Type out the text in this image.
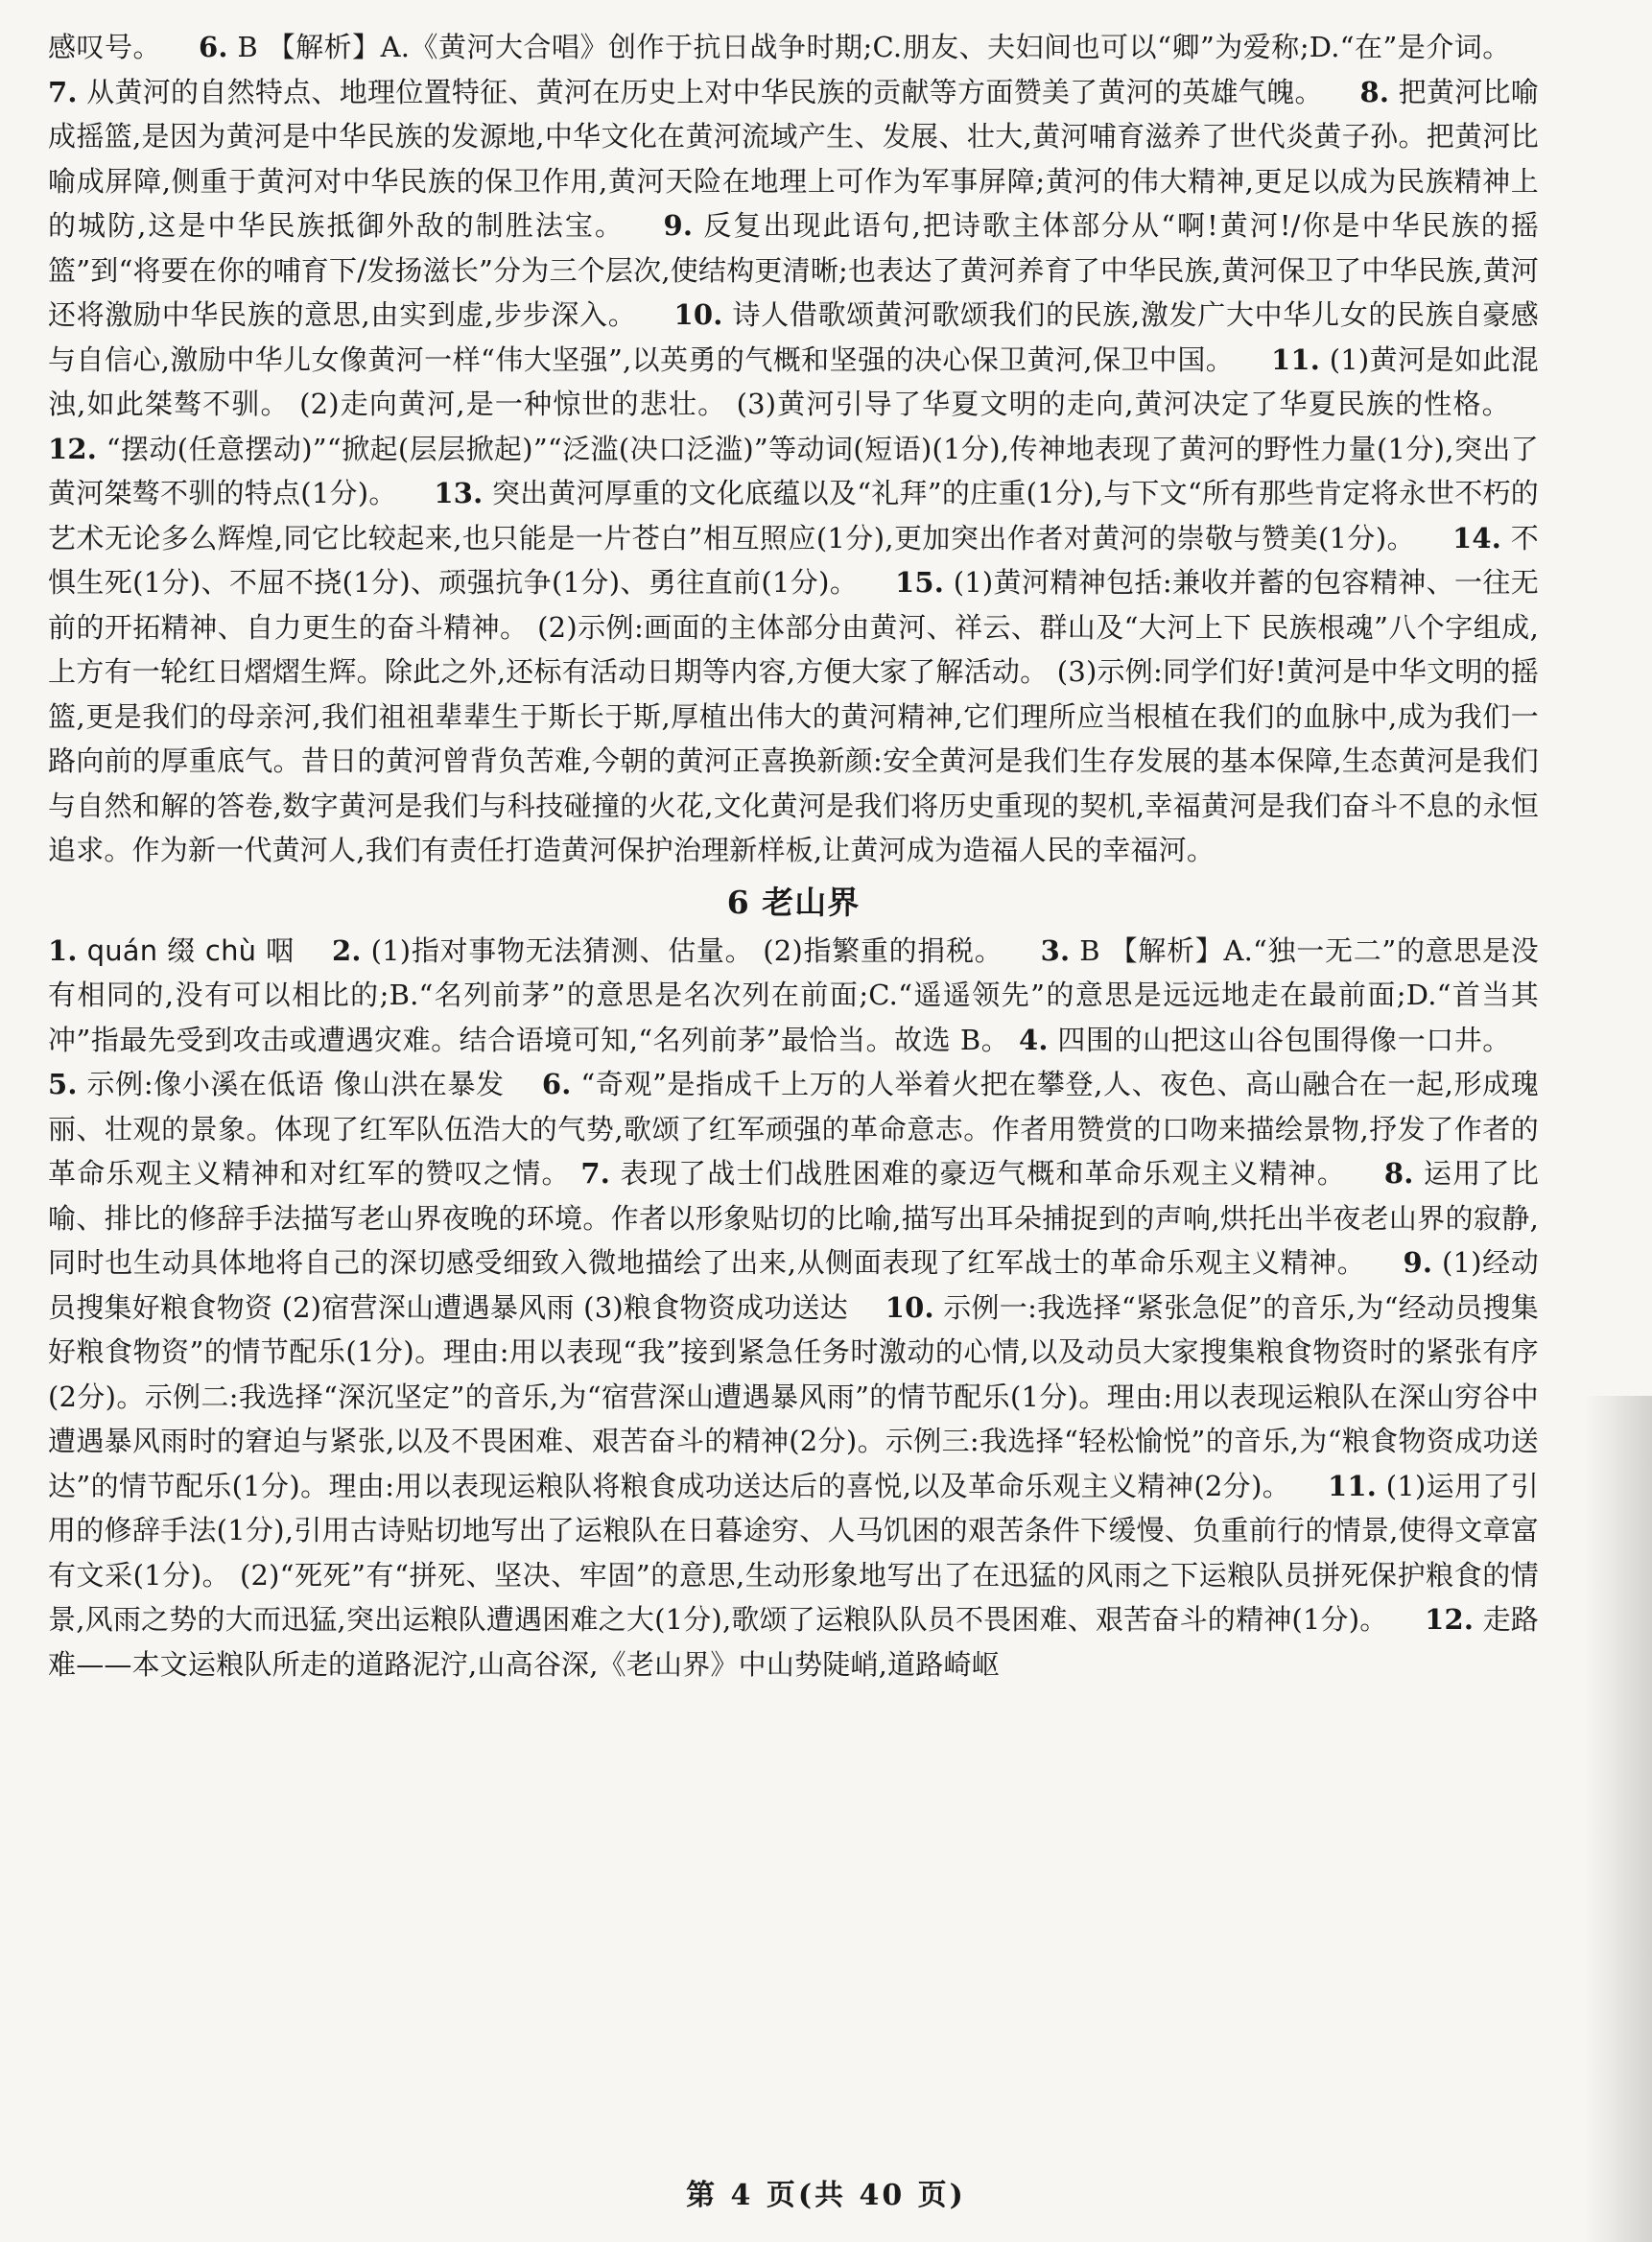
感叹号。  6. B 【解析】A.《黄河大合唱》创作于抗日战争时期;C.朋友、夫妇间也可以“卿”为爱称;D.“在”是介词。  7. 从黄河的自然特点、地理位置特征、黄河在历史上对中华民族的贡献等方面赞美了黄河的英雄气魄。  8. 把黄河比喻成摇篮,是因为黄河是中华民族的发源地,中华文化在黄河流域产生、发展、壮大,黄河哺育滋养了世代炎黄子孙。把黄河比喻成屏障,侧重于黄河对中华民族的保卫作用,黄河天险在地理上可作为军事屏障;黄河的伟大精神,更足以成为民族精神上的城防,这是中华民族抵御外敌的制胜法宝。  9. 反复出现此语句,把诗歌主体部分从“啊!黄河!/你是中华民族的摇篮”到“将要在你的哺育下/发扬滋长”分为三个层次,使结构更清晰;也表达了黄河养育了中华民族,黄河保卫了中华民族,黄河还将激励中华民族的意思,由实到虚,步步深入。  10. 诗人借歌颂黄河歌颂我们的民族,激发广大中华儿女的民族自豪感与自信心,激励中华儿女像黄河一样“伟大坚强”,以英勇的气概和坚强的决心保卫黄河,保卫中国。  11. (1)黄河是如此混浊,如此桀骜不驯。 (2)走向黄河,是一种惊世的悲壮。 (3)黄河引导了华夏文明的走向,黄河决定了华夏民族的性格。  12. “摆动(任意摆动)”“掀起(层层掀起)”“泛滥(决口泛滥)”等动词(短语)(1分),传神地表现了黄河的野性力量(1分),突出了黄河桀骜不驯的特点(1分)。  13. 突出黄河厚重的文化底蕴以及“礼拜”的庄重(1分),与下文“所有那些肯定将永世不朽的艺术无论多么辉煌,同它比较起来,也只能是一片苍白”相互照应(1分),更加突出作者对黄河的崇敬与赞美(1分)。  14. 不惧生死(1分)、不屈不挠(1分)、顽强抗争(1分)、勇往直前(1分)。  15. (1)黄河精神包括:兼收并蓄的包容精神、一往无前的开拓精神、自力更生的奋斗精神。 (2)示例:画面的主体部分由黄河、祥云、群山及“大河上下 民族根魂”八个字组成,上方有一轮红日熠熠生辉。除此之外,还标有活动日期等内容,方便大家了解活动。 (3)示例:同学们好!黄河是中华文明的摇篮,更是我们的母亲河,我们祖祖辈辈生于斯长于斯,厚植出伟大的黄河精神,它们理所应当根植在我们的血脉中,成为我们一路向前的厚重底气。昔日的黄河曾背负苦难,今朝的黄河正喜换新颜:安全黄河是我们生存发展的基本保障,生态黄河是我们与自然和解的答卷,数字黄河是我们与科技碰撞的火花,文化黄河是我们将历史重现的契机,幸福黄河是我们奋斗不息的永恒追求。作为新一代黄河人,我们有责任打造黄河保护治理新样板,让黄河成为造福人民的幸福河。

6 老山界

1. quán 缀 chù 咽  2. (1)指对事物无法猜测、估量。 (2)指繁重的捐税。  3. B 【解析】A.“独一无二”的意思是没有相同的,没有可以相比的;B.“名列前茅”的意思是名次列在前面;C.“遥遥领先”的意思是远远地走在最前面;D.“首当其冲”指最先受到攻击或遭遇灾难。结合语境可知,“名列前茅”最恰当。故选 B。 4. 四围的山把这山谷包围得像一口井。  5. 示例:像小溪在低语 像山洪在暴发  6. “奇观”是指成千上万的人举着火把在攀登,人、夜色、高山融合在一起,形成瑰丽、壮观的景象。体现了红军队伍浩大的气势,歌颂了红军顽强的革命意志。作者用赞赏的口吻来描绘景物,抒发了作者的革命乐观主义精神和对红军的赞叹之情。 7. 表现了战士们战胜困难的豪迈气概和革命乐观主义精神。  8. 运用了比喻、排比的修辞手法描写老山界夜晚的环境。作者以形象贴切的比喻,描写出耳朵捕捉到的声响,烘托出半夜老山界的寂静,同时也生动具体地将自己的深切感受细致入微地描绘了出来,从侧面表现了红军战士的革命乐观主义精神。  9. (1)经动员搜集好粮食物资 (2)宿营深山遭遇暴风雨 (3)粮食物资成功送达  10. 示例一:我选择“紧张急促”的音乐,为“经动员搜集好粮食物资”的情节配乐(1分)。理由:用以表现“我”接到紧急任务时激动的心情,以及动员大家搜集粮食物资时的紧张有序(2分)。示例二:我选择“深沉坚定”的音乐,为“宿营深山遭遇暴风雨”的情节配乐(1分)。理由:用以表现运粮队在深山穷谷中遭遇暴风雨时的窘迫与紧张,以及不畏困难、艰苦奋斗的精神(2分)。示例三:我选择“轻松愉悦”的音乐,为“粮食物资成功送达”的情节配乐(1分)。理由:用以表现运粮队将粮食成功送达后的喜悦,以及革命乐观主义精神(2分)。  11. (1)运用了引用的修辞手法(1分),引用古诗贴切地写出了运粮队在日暮途穷、人马饥困的艰苦条件下缓慢、负重前行的情景,使得文章富有文采(1分)。 (2)“死死”有“拼死、坚决、牢固”的意思,生动形象地写出了在迅猛的风雨之下运粮队员拼死保护粮食的情景,风雨之势的大而迅猛,突出运粮队遭遇困难之大(1分),歌颂了运粮队队员不畏困难、艰苦奋斗的精神(1分)。  12. 走路难——本文运粮队所走的道路泥泞,山高谷深,《老山界》中山势陡峭,道路崎岖

第 4 页(共 40 页)
